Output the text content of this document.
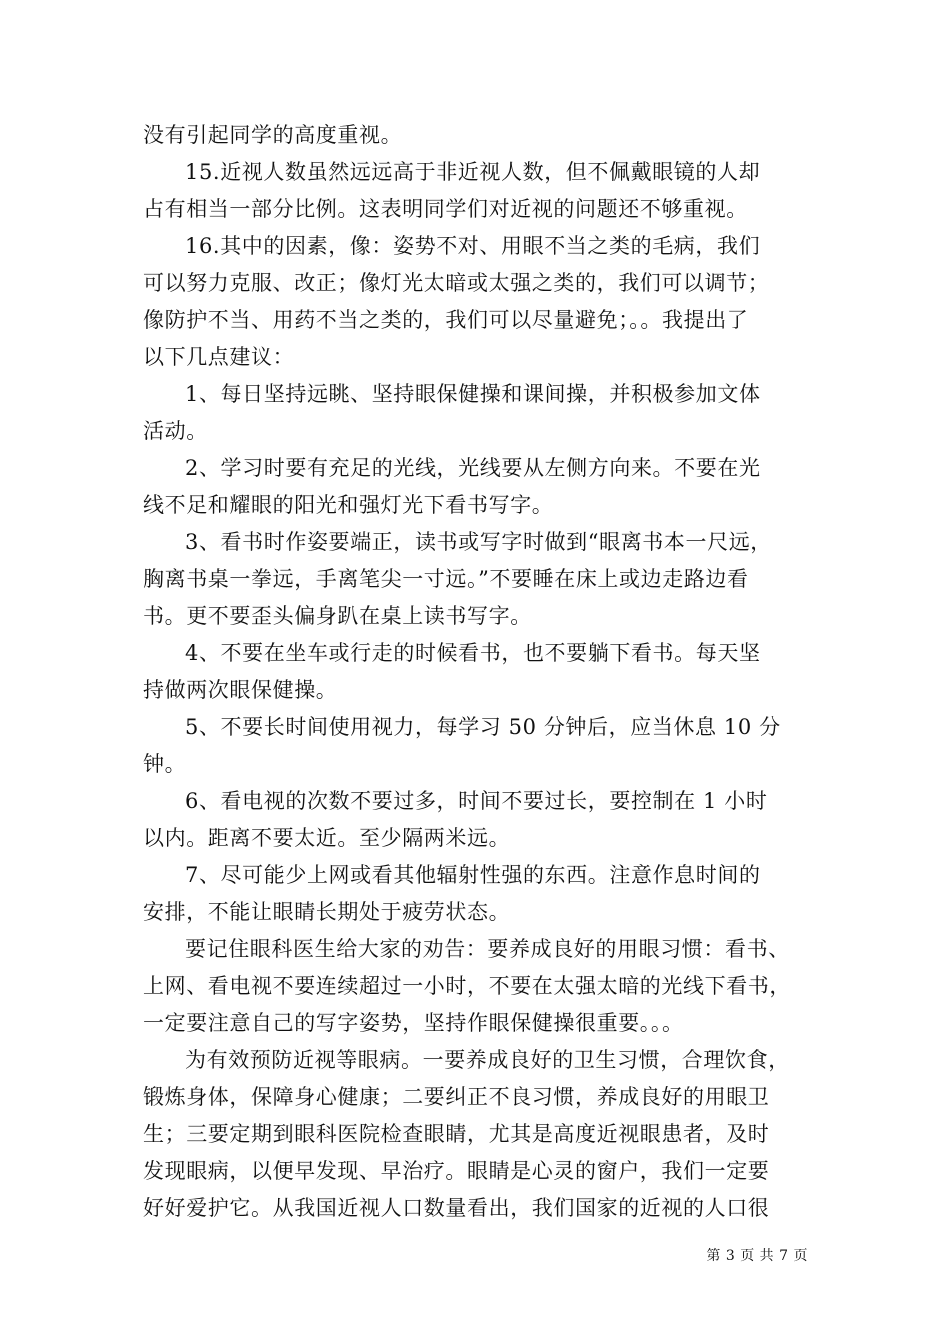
没有引起同学的高度重视。

15.近视人数虽然远远高于非近视人数，但不佩戴眼镜的人却

占有相当一部分比例。这表明同学们对近视的问题还不够重视。

16.其中的因素，像：姿势不对、用眼不当之类的毛病，我们

可以努力克服、改正；像灯光太暗或太强之类的，我们可以调节；

像防护不当、用药不当之类的，我们可以尽量避免；。。我提出了

以下几点建议：

1、每日坚持远眺、坚持眼保健操和课间操，并积极参加文体

活动。

2、学习时要有充足的光线，光线要从左侧方向来。不要在光

线不足和耀眼的阳光和强灯光下看书写字。

3、看书时作姿要端正，读书或写字时做到“眼离书本一尺远，

胸离书桌一拳远，手离笔尖一寸远。”不要睡在床上或边走路边看

书。更不要歪头偏身趴在桌上读书写字。

4、不要在坐车或行走的时候看书，也不要躺下看书。每天坚

持做两次眼保健操。

5、不要长时间使用视力，每学习 50 分钟后，应当休息 10 分

钟。

6、看电视的次数不要过多，时间不要过长，要控制在 1 小时

以内。距离不要太近。至少隔两米远。

7、尽可能少上网或看其他辐射性强的东西。注意作息时间的

安排，不能让眼睛长期处于疲劳状态。

要记住眼科医生给大家的劝告：要养成良好的用眼习惯：看书、

上网、看电视不要连续超过一小时，不要在太强太暗的光线下看书，

一定要注意自己的写字姿势，坚持作眼保健操很重要。。。

为有效预防近视等眼病。一要养成良好的卫生习惯，合理饮食，

锻炼身体，保障身心健康；二要纠正不良习惯，养成良好的用眼卫

生；三要定期到眼科医院检查眼睛，尤其是高度近视眼患者，及时

发现眼病，以便早发现、早治疗。眼睛是心灵的窗户，我们一定要

好好爱护它。从我国近视人口数量看出，我们国家的近视的人口很

第 3 页 共 7 页
